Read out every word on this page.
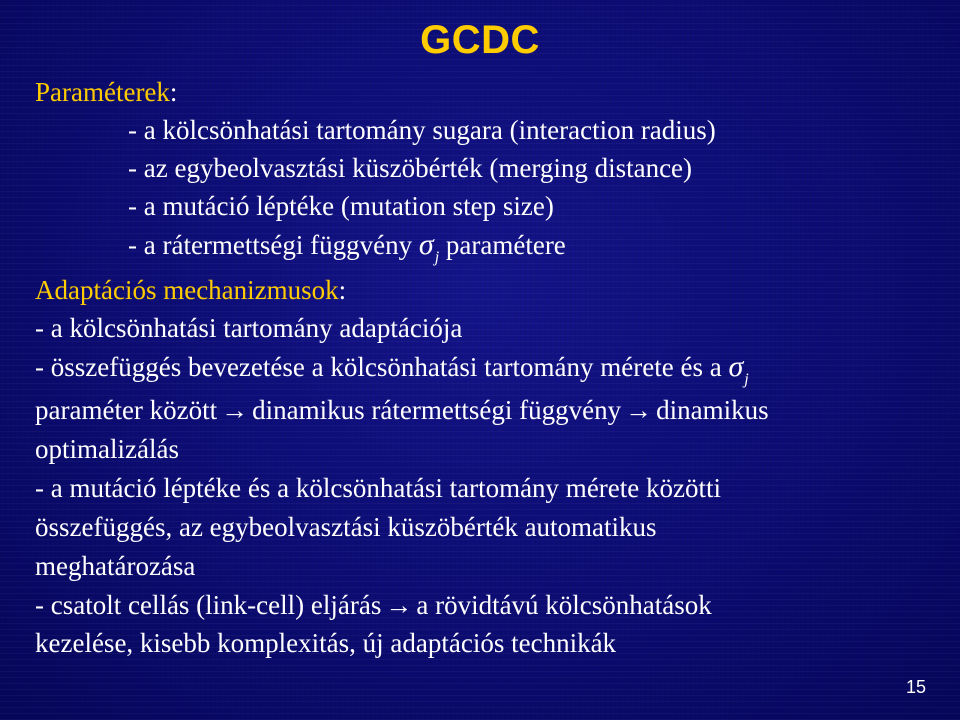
GCDC
Paraméterek:
- a kölcsönhatási tartomány sugara (interaction radius)
- az egybeolvasztási küszöbérték (merging distance)
- a mutáció léptéke (mutation step size)
- a rátermettségi függvény $\sigma_j$ paramétere
Adaptációs mechanizmusok:
- a kölcsönhatási tartomány adaptációja
- összefüggés bevezetése a kölcsönhatási tartomány mérete és a $\sigma_j$
paraméter között → dinamikus rátermettségi függvény → dinamikus
optimalizálás
- a mutáció léptéke és a kölcsönhatási tartomány mérete közötti
összefüggés, az egybeolvasztási küszöbérték automatikus
meghatározása
- csatolt cellás (link-cell) eljárás → a rövidtávú kölcsönhatások
kezelése, kisebb komplexitás, új adaptációs technikák
15
